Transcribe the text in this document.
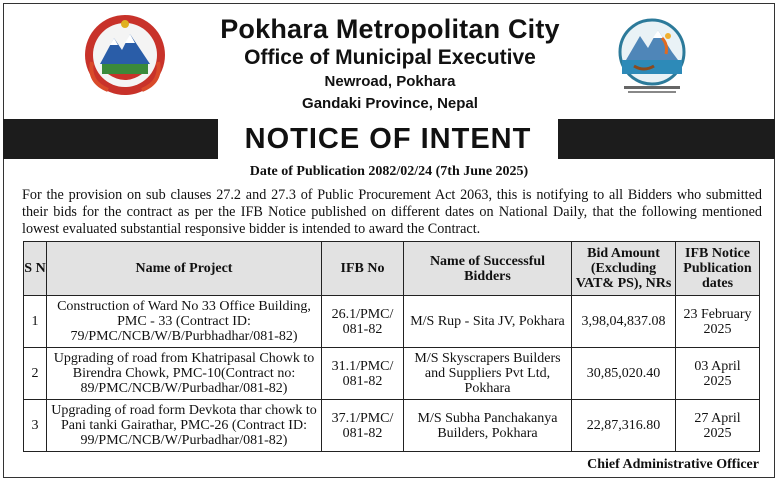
Pokhara Metropolitan City
Office of Municipal Executive
Newroad, Pokhara
Gandaki Province, Nepal
NOTICE OF INTENT
Date of Publication 2082/02/24 (7th June 2025)
For the provision on sub clauses 27.2 and 27.3 of Public Procurement Act 2063, this is notifying to all Bidders who submitted their bids for the contract as per the IFB Notice published on different dates on National Daily, that the following mentioned lowest evaluated substantial responsive bidder is intended to award the Contract.
S N	Name of Project	IFB No	Name of Successful Bidders	Bid Amount (Excluding VAT& PS), NRs	IFB Notice Publication dates
1	Construction of Ward No 33 Office Building, PMC - 33 (Contract ID: 79/PMC/NCB/W/B/Purbhadhar/081-82)	26.1/PMC/ 081-82	M/S Rup - Sita JV, Pokhara	3,98,04,837.08	23 February 2025
2	Upgrading of road from Khatripasal Chowk to Birendra Chowk, PMC-10(Contract no: 89/PMC/NCB/W/Purbadhar/081-82)	31.1/PMC/ 081-82	M/S Skyscrapers Builders and Suppliers Pvt Ltd, Pokhara	30,85,020.40	03 April 2025
3	Upgrading of road form Devkota thar chowk to Pani tanki Gairathar, PMC-26 (Contract ID: 99/PMC/NCB/W/Purbadhar/081-82)	37.1/PMC/ 081-82	M/S Subha Panchakanya Builders, Pokhara	22,87,316.80	27 April 2025
Chief Administrative Officer
